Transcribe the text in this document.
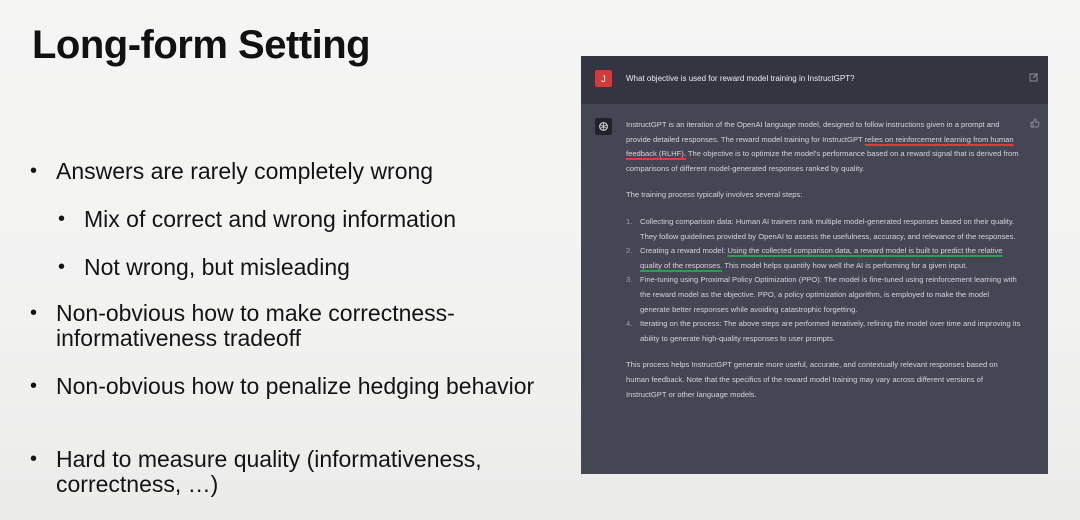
Long-form Setting
• Answers are rarely completely wrong
• Mix of correct and wrong information
• Not wrong, but misleading
• Non-obvious how to make correctness-informativeness tradeoff
• Non-obvious how to penalize hedging behavior
• Hard to measure quality (informativeness, correctness, …)
J	What objective is used for reward model training in InstructGPT?

InstructGPT is an iteration of the OpenAI language model, designed to follow instructions given in a prompt and provide detailed responses. The reward model training for InstructGPT relies on reinforcement learning from human feedback (RLHF). The objective is to optimize the model's performance based on a reward signal that is derived from comparisons of different model-generated responses ranked by quality.

The training process typically involves several steps:

1. Collecting comparison data: Human AI trainers rank multiple model-generated responses based on their quality. They follow guidelines provided by OpenAI to assess the usefulness, accuracy, and relevance of the responses.
2. Creating a reward model: Using the collected comparison data, a reward model is built to predict the relative quality of the responses. This model helps quantify how well the AI is performing for a given input.
3. Fine-tuning using Proximal Policy Optimization (PPO): The model is fine-tuned using reinforcement learning with the reward model as the objective. PPO, a policy optimization algorithm, is employed to make the model generate better responses while avoiding catastrophic forgetting.
4. Iterating on the process: The above steps are performed iteratively, refining the model over time and improving its ability to generate high-quality responses to user prompts.

This process helps InstructGPT generate more useful, accurate, and contextually relevant responses based on human feedback. Note that the specifics of the reward model training may vary across different versions of InstructGPT or other language models.
